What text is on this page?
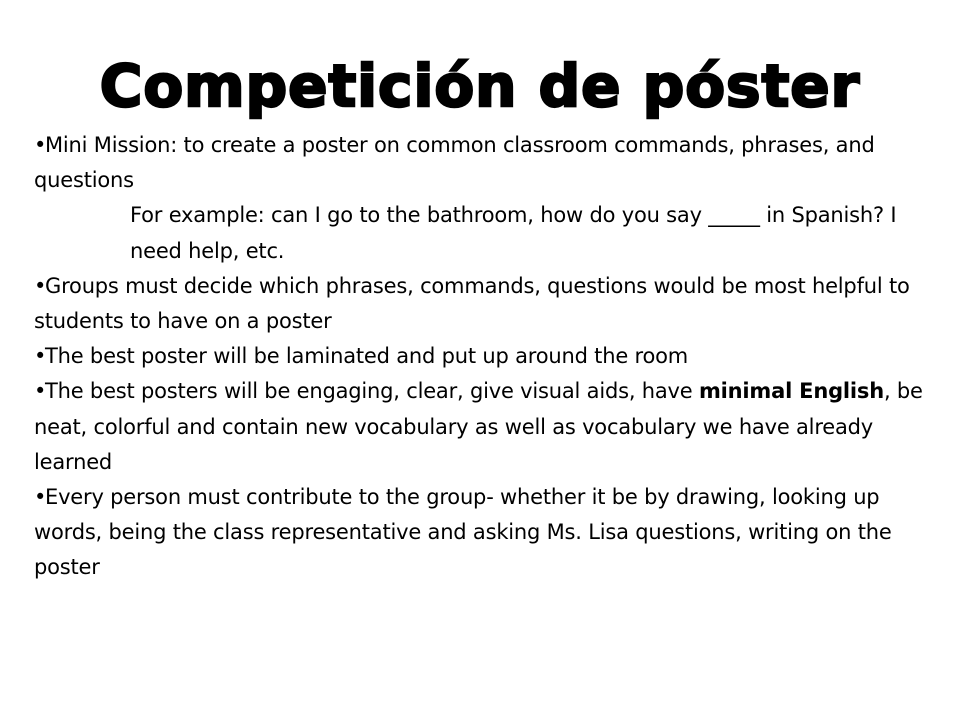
Competición de póster

•Mini Mission: to create a poster on common classroom commands, phrases, and questions

For example: can I go to the bathroom, how do you say _____ in Spanish? I need help, etc.

•Groups must decide which phrases, commands, questions would be most helpful to students to have on a poster

•The best poster will be laminated and put up around the room

•The best posters will be engaging, clear, give visual aids, have minimal English, be neat, colorful and contain new vocabulary as well as vocabulary we have already learned

•Every person must contribute to the group- whether it be by drawing, looking up words, being the class representative and asking Ms. Lisa questions, writing on the poster
